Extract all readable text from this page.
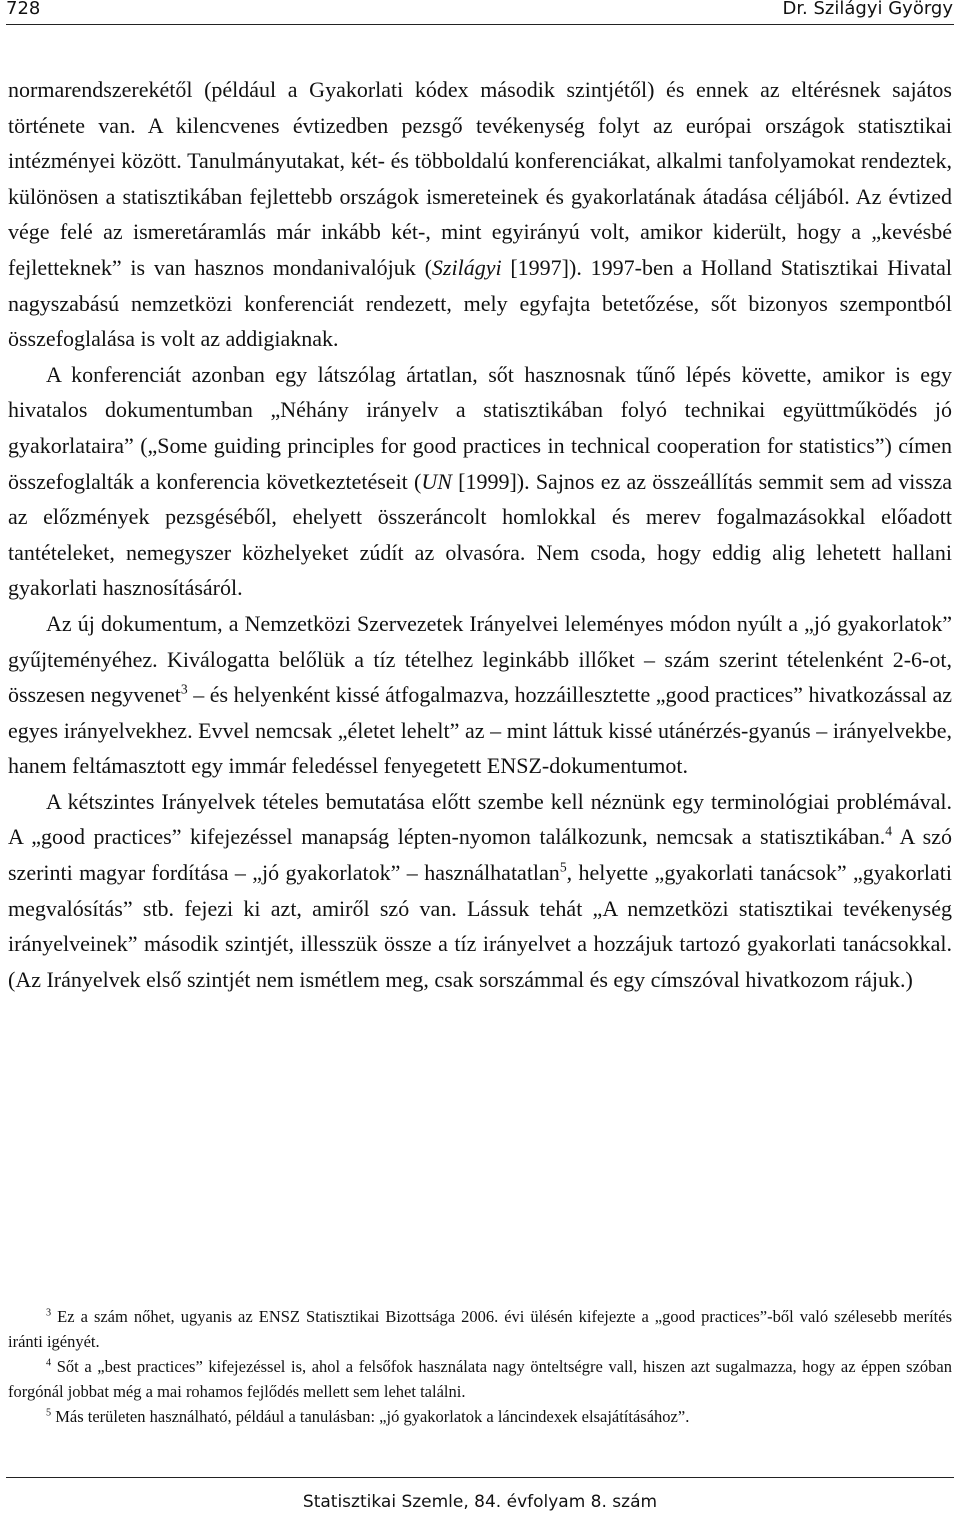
728	Dr. Szilágyi György

normarendszerekétől (például a Gyakorlati kódex második szintjétől) és ennek az eltérésnek sajátos története van. A kilencvenes évtizedben pezsgő tevékenység folyt az európai országok statisztikai intézményei között. Tanulmányutakat, két- és többoldalú konferenciákat, alkalmi tanfolyamokat rendeztek, különösen a statisztikában fejlettebb országok ismereteinek és gyakorlatának átadása céljából. Az évtized vége felé az ismeretáramlás már inkább két-, mint egyirányú volt, amikor kiderült, hogy a „kevésbé fejletteknek” is van hasznos mondanivalójuk (Szilágyi [1997]). 1997-ben a Holland Statisztikai Hivatal nagyszabású nemzetközi konferenciát rendezett, mely egyfajta betetőzése, sőt bizonyos szempontból összefoglalása is volt az addigiaknak.

A konferenciát azonban egy látszólag ártatlan, sőt hasznosnak tűnő lépés követte, amikor is egy hivatalos dokumentumban „Néhány irányelv a statisztikában folyó technikai együttműködés jó gyakorlataira” („Some guiding principles for good practices in technical cooperation for statistics”) címen összefoglalták a konferencia következtetéseit (UN [1999]). Sajnos ez az összeállítás semmit sem ad vissza az előzmények pezsgéséből, ehelyett összeráncolt homlokkal és merev fogalmazásokkal előadott tantételeket, nemegyszer közhelyeket zúdít az olvasóra. Nem csoda, hogy eddig alig lehetett hallani gyakorlati hasznosításáról.

Az új dokumentum, a Nemzetközi Szervezetek Irányelvei leleményes módon nyúlt a „jó gyakorlatok” gyűjteményéhez. Kiválogatta belőlük a tíz tételhez leginkább illőket – szám szerint tételenként 2-6-ot, összesen negyvenet$^3$ – és helyenként kissé átfogalmazva, hozzáillesztette „good practices” hivatkozással az egyes irányelvekhez. Evvel nemcsak „életet lehelt” az – mint láttuk kissé utánérzés-gyanús – irányelvekbe, hanem feltámasztott egy immár feledéssel fenyegetett ENSZ-dokumentumot.

A kétszintes Irányelvek tételes bemutatása előtt szembe kell néznünk egy terminológiai problémával. A „good practices” kifejezéssel manapság lépten-nyomon találkozunk, nemcsak a statisztikában.$^4$ A szó szerinti magyar fordítása – „jó gyakorlatok” – használhatatlan$^5$, helyette „gyakorlati tanácsok” „gyakorlati megvalósítás” stb. fejezi ki azt, amiről szó van. Lássuk tehát „A nemzetközi statisztikai tevékenység irányelveinek” második szintjét, illesszük össze a tíz irányelvet a hozzájuk tartozó gyakorlati tanácsokkal. (Az Irányelvek első szintjét nem ismétlem meg, csak sorszámmal és egy címszóval hivatkozom rájuk.)

$^3$ Ez a szám nőhet, ugyanis az ENSZ Statisztikai Bizottsága 2006. évi ülésén kifejezte a „good practices”-ből való szélesebb merítés iránti igényét.

$^4$ Sőt a „best practices” kifejezéssel is, ahol a felsőfok használata nagy önteltségre vall, hiszen azt sugalmazza, hogy az éppen szóban forgónál jobbat még a mai rohamos fejlődés mellett sem lehet találni.

$^5$ Más területen használható, például a tanulásban: „jó gyakorlatok a láncindexek elsajátításához”.

Statisztikai Szemle, 84. évfolyam 8. szám
